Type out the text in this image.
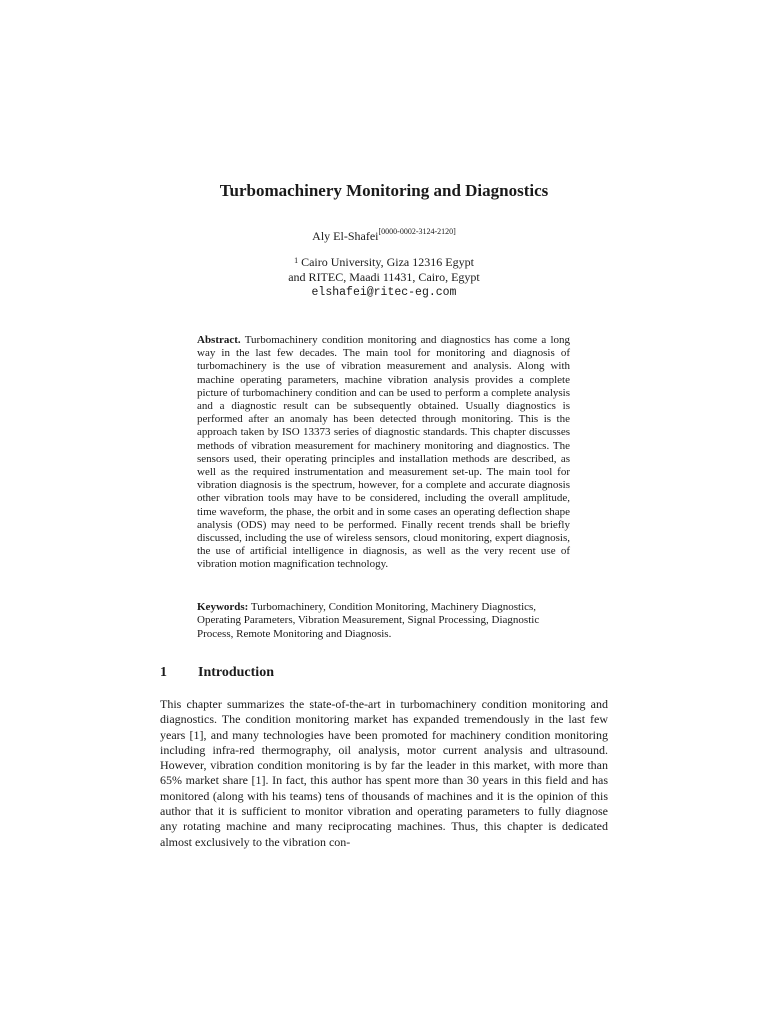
Turbomachinery Monitoring and Diagnostics
Aly El-Shafei[0000-0002-3124-2120]
$^1$ Cairo University, Giza 12316 Egypt
and RITEC, Maadi 11431, Cairo, Egypt
elshafei@ritec-eg.com
Abstract. Turbomachinery condition monitoring and diagnostics has come a long way in the last few decades. The main tool for monitoring and diagnosis of turbomachinery is the use of vibration measurement and analysis. Along with machine operating parameters, machine vibration analysis provides a complete picture of turbomachinery condition and can be used to perform a complete analysis and a diagnostic result can be subsequently obtained. Usually diagnostics is performed after an anomaly has been detected through monitoring. This is the approach taken by ISO 13373 series of diagnostic standards. This chapter discusses methods of vibration measurement for machinery monitoring and diagnostics. The sensors used, their operating principles and installation methods are described, as well as the required instrumentation and measurement set-up. The main tool for vibration diagnosis is the spectrum, however, for a complete and accurate diagnosis other vibration tools may have to be considered, including the overall amplitude, time waveform, the phase, the orbit and in some cases an operating deflection shape analysis (ODS) may need to be performed. Finally recent trends shall be briefly discussed, including the use of wireless sensors, cloud monitoring, expert diagnosis, the use of artificial intelligence in diagnosis, as well as the very recent use of vibration motion magnification technology.
Keywords: Turbomachinery, Condition Monitoring, Machinery Diagnostics, Operating Parameters, Vibration Measurement, Signal Processing, Diagnostic Process, Remote Monitoring and Diagnosis.
1 Introduction
This chapter summarizes the state-of-the-art in turbomachinery condition monitoring and diagnostics. The condition monitoring market has expanded tremendously in the last few years [1], and many technologies have been promoted for machinery condition monitoring including infra-red thermography, oil analysis, motor current analysis and ultrasound. However, vibration condition monitoring is by far the leader in this market, with more than 65% market share [1]. In fact, this author has spent more than 30 years in this field and has monitored (along with his teams) tens of thousands of machines and it is the opinion of this author that it is sufficient to monitor vibration and operating parameters to fully diagnose any rotating machine and many reciprocating machines. Thus, this chapter is dedicated almost exclusively to the vibration con-
